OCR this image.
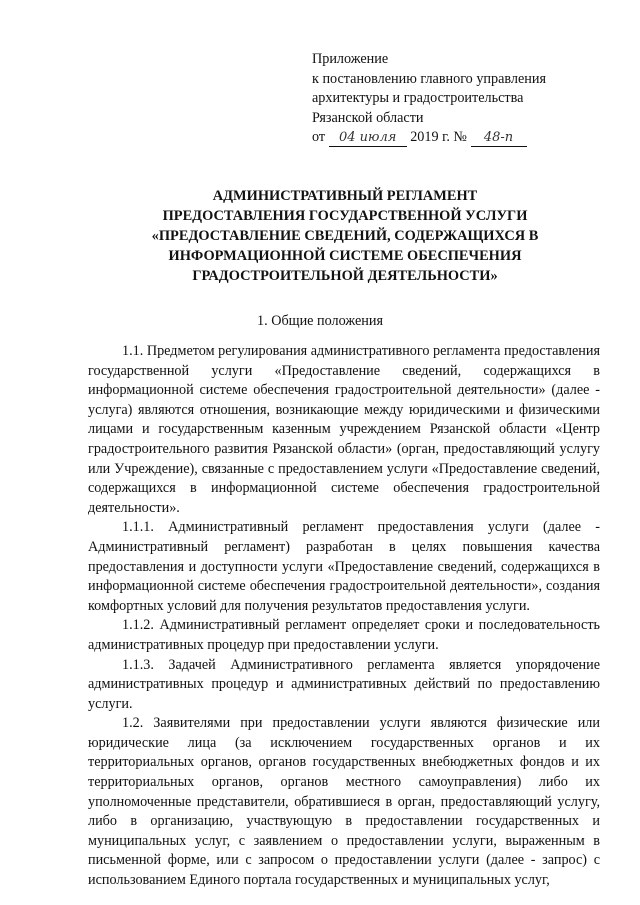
Приложение
к постановлению главного управления
архитектуры и градостроительства
Рязанской области
от 04 июля 2019 г. № 48-п
АДМИНИСТРАТИВНЫЙ РЕГЛАМЕНТ
ПРЕДОСТАВЛЕНИЯ ГОСУДАРСТВЕННОЙ УСЛУГИ
«ПРЕДОСТАВЛЕНИЕ СВЕДЕНИЙ, СОДЕРЖАЩИХСЯ В
ИНФОРМАЦИОННОЙ СИСТЕМЕ ОБЕСПЕЧЕНИЯ
ГРАДОСТРОИТЕЛЬНОЙ ДЕЯТЕЛЬНОСТИ»
1. Общие положения

1.1. Предметом регулирования административного регламента предоставления государственной услуги «Предоставление сведений, содержащихся в информационной системе обеспечения градостроительной деятельности» (далее - услуга) являются отношения, возникающие между юридическими и физическими лицами и государственным казенным учреждением Рязанской области «Центр градостроительного развития Рязанской области» (орган, предоставляющий услугу или Учреждение), связанные с предоставлением услуги «Предоставление сведений, содержащихся в информационной системе обеспечения градостроительной деятельности».

1.1.1. Административный регламент предоставления услуги (далее - Административный регламент) разработан в целях повышения качества предоставления и доступности услуги «Предоставление сведений, содержащихся в информационной системе обеспечения градостроительной деятельности», создания комфортных условий для получения результатов предоставления услуги.

1.1.2. Административный регламент определяет сроки и последовательность административных процедур при предоставлении услуги.

1.1.3. Задачей Административного регламента является упорядочение административных процедур и административных действий по предоставлению услуги.

1.2. Заявителями при предоставлении услуги являются физические или юридические лица (за исключением государственных органов и их территориальных органов, органов государственных внебюджетных фондов и их территориальных органов, органов местного самоуправления) либо их уполномоченные представители, обратившиеся в орган, предоставляющий услугу, либо в организацию, участвующую в предоставлении государственных и муниципальных услуг, с заявлением о предоставлении услуги, выраженным в письменной форме, или с запросом о предоставлении услуги (далее - запрос) с использованием Единого портала государственных и муниципальных услуг,
